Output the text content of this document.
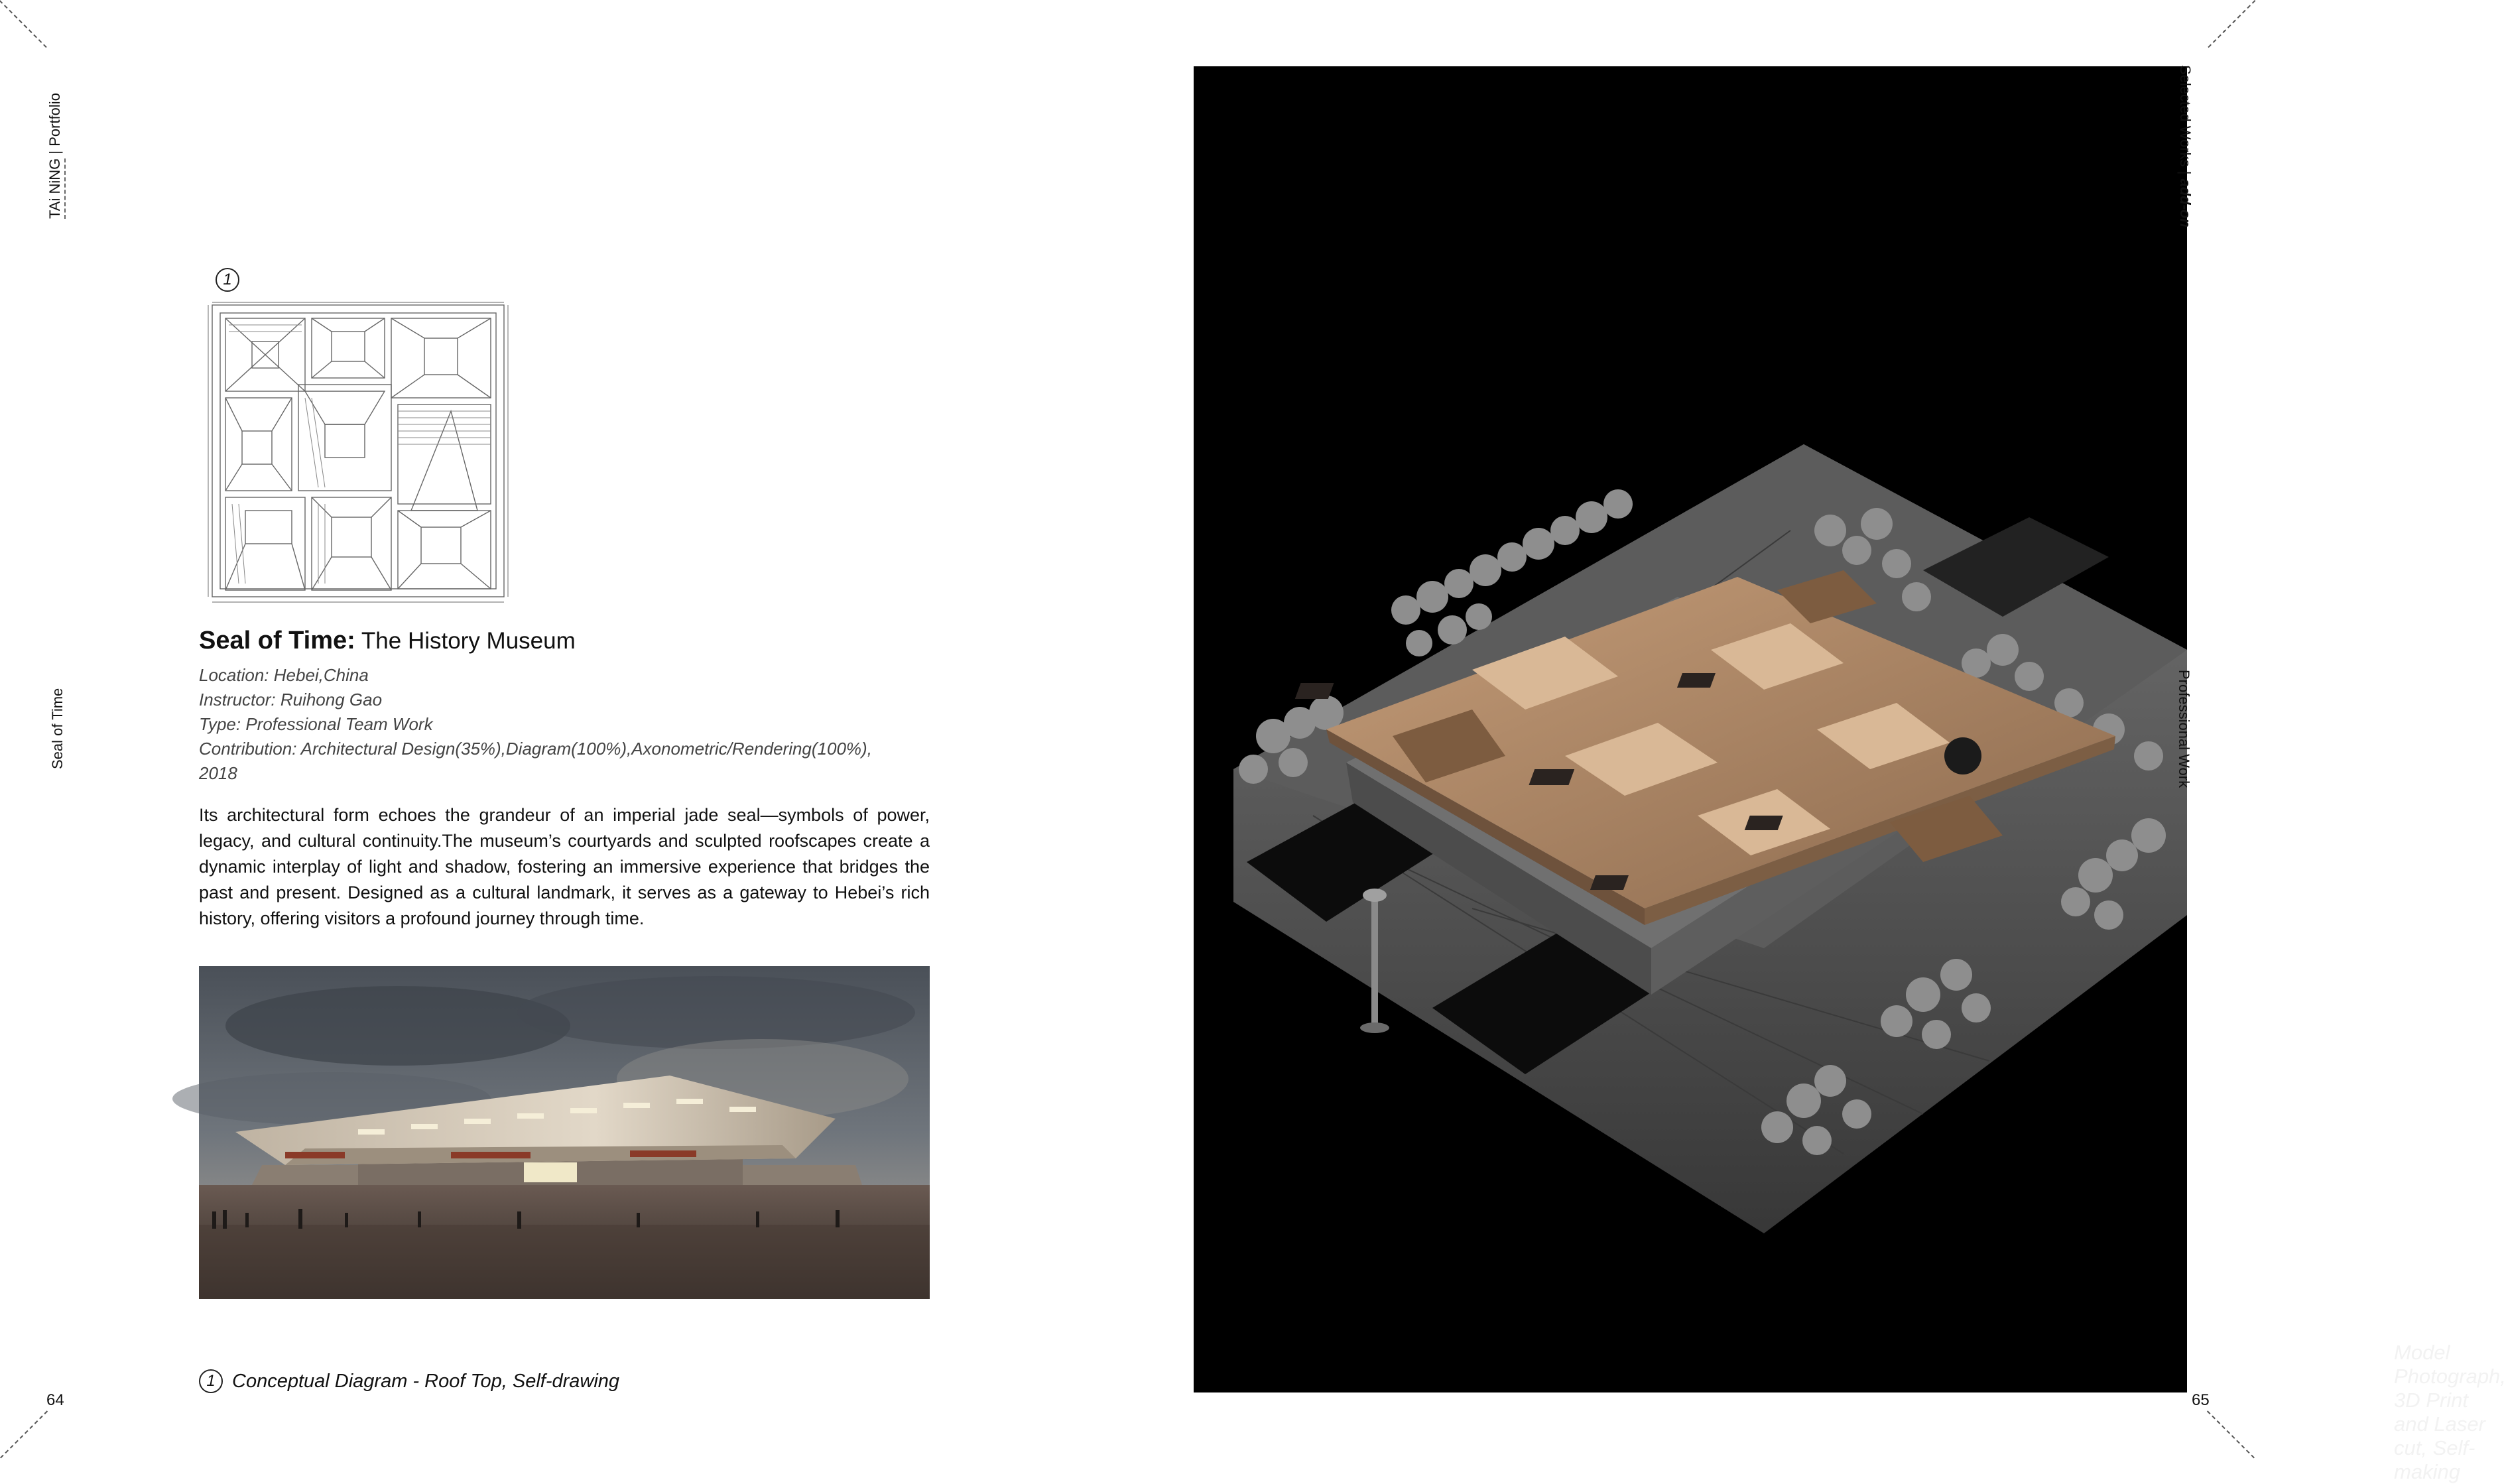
TAi NiNG | Portfolio
Seal of Time
1
Seal of Time: The History Museum
Location: Hebei,China
Instructor: Ruihong Gao
Type: Professional Team Work
Contribution: Architectural Design(35%),Diagram(100%),Axonometric/Rendering(100%),
2018

Its architectural form echoes the grandeur of an imperial jade seal—symbols of power, legacy, and cultural continuity.The museum’s courtyards and sculpted roofscapes create a dynamic interplay of light and shadow, fostering an immersive experience that bridges the past and present. Designed as a cultural landmark, it serves as a gateway to Hebei’s rich history, offering visitors a profound journey through time.

1 Conceptual Diagram - Roof Top, Self-drawing
64
Model Photograph, 3D Print and Laser cut, Self-making
Selected Works | add-on
Professional Work
65
